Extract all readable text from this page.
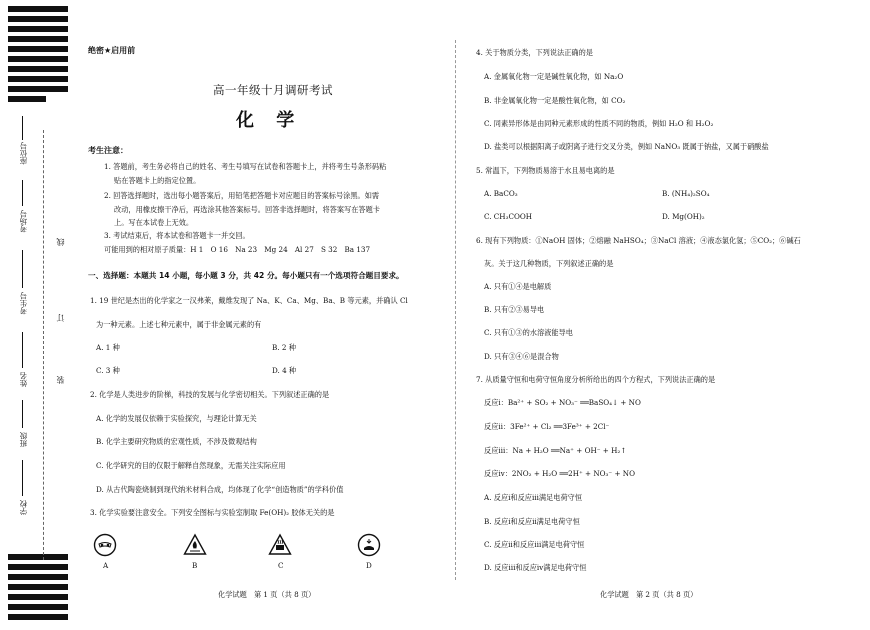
座位号
考场号
考生号
姓名
班级
学校
线
订
装
绝密★启用前
高一年级十月调研考试
化 学
考生注意：
1. 答题前，考生务必将自己的姓名、考生号填写在试卷和答题卡上，并将考生号条形码粘
贴在答题卡上的指定位置。
2. 回答选择题时，选出每小题答案后，用铅笔把答题卡对应题目的答案标号涂黑。如需
改动，用橡皮擦干净后，再选涂其他答案标号。回答非选择题时，将答案写在答题卡
上。写在本试卷上无效。
3. 考试结束后，将本试卷和答题卡一并交回。
可能用到的相对原子质量：H 1　O 16　Na 23　Mg 24　Al 27　S 32　Ba 137
一、选择题：本题共 14 小题，每小题 3 分，共 42 分。每小题只有一个选项符合题目要求。
1. 19 世纪是杰出的化学家之一汉弗莱，戴维发现了 Na、K、Ca、Mg、Ba、B 等元素，并确认 Cl
为一种元素。上述七种元素中，属于非金属元素的有
A. 1 种	B. 2 种
C. 3 种	D. 4 种
2. 化学是人类进步的阶梯，科技的发展与化学密切相关。下列叙述正确的是
A. 化学的发展仅依赖于实验探究，与理论计算无关
B. 化学主要研究物质的宏观性质，不涉及微观结构
C. 化学研究的目的仅限于解释自然现象，无需关注实际应用
D. 从古代陶瓷烧制到现代纳米材料合成，均体现了化学“创造物质”的学科价值
3. 化学实验要注意安全。下列安全图标与实验室制取 Fe(OH)₂ 胶体无关的是
A	B	C	D
化学试题　第 1 页（共 8 页）
4. 关于物质分类，下列说法正确的是
A. 金属氧化物一定是碱性氧化物，如 Na₂O
B. 非金属氧化物一定是酸性氧化物，如 CO₂
C. 同素异形体是由同种元素形成的性质不同的物质，例如 H₂O 和 H₂O₂
D. 盐类可以根据阳离子或阴离子进行交叉分类，例如 NaNO₃ 既属于钠盐，又属于硝酸盐
5. 常温下，下列物质易溶于水且易电离的是
A. BaCO₃	B. (NH₄)₂SO₄
C. CH₃COOH	D. Mg(OH)₂
6. 现有下列物质：①NaOH 固体；②熔融 NaHSO₄；③NaCl 溶液；④液态氯化氢；⑤CO₂；⑥碱石
灰。关于这几种物质，下列叙述正确的是
A. 只有①④是电解质
B. 只有②③易导电
C. 只有①③的水溶液能导电
D. 只有③④⑥是混合物
7. 从质量守恒和电荷守恒角度分析所给出的四个方程式，下列说法正确的是
反应ⅰ：Ba²⁺ + SO₂ + NO₃⁻ ══BaSO₄↓ + NO
反应ⅱ：3Fe²⁺ + Cl₂ ══3Fe³⁺ + 2Cl⁻
反应ⅲ：Na + H₂O ══Na⁺ + OH⁻ + H₂↑
反应ⅳ：2NO₂ + H₂O ══2H⁺ + NO₃⁻ + NO
A. 反应ⅰ和反应ⅲ满足电荷守恒
B. 反应ⅰ和反应ⅱ满足电荷守恒
C. 反应ⅱ和反应ⅲ满足电荷守恒
D. 反应ⅲ和反应ⅳ满足电荷守恒
化学试题　第 2 页（共 8 页）
